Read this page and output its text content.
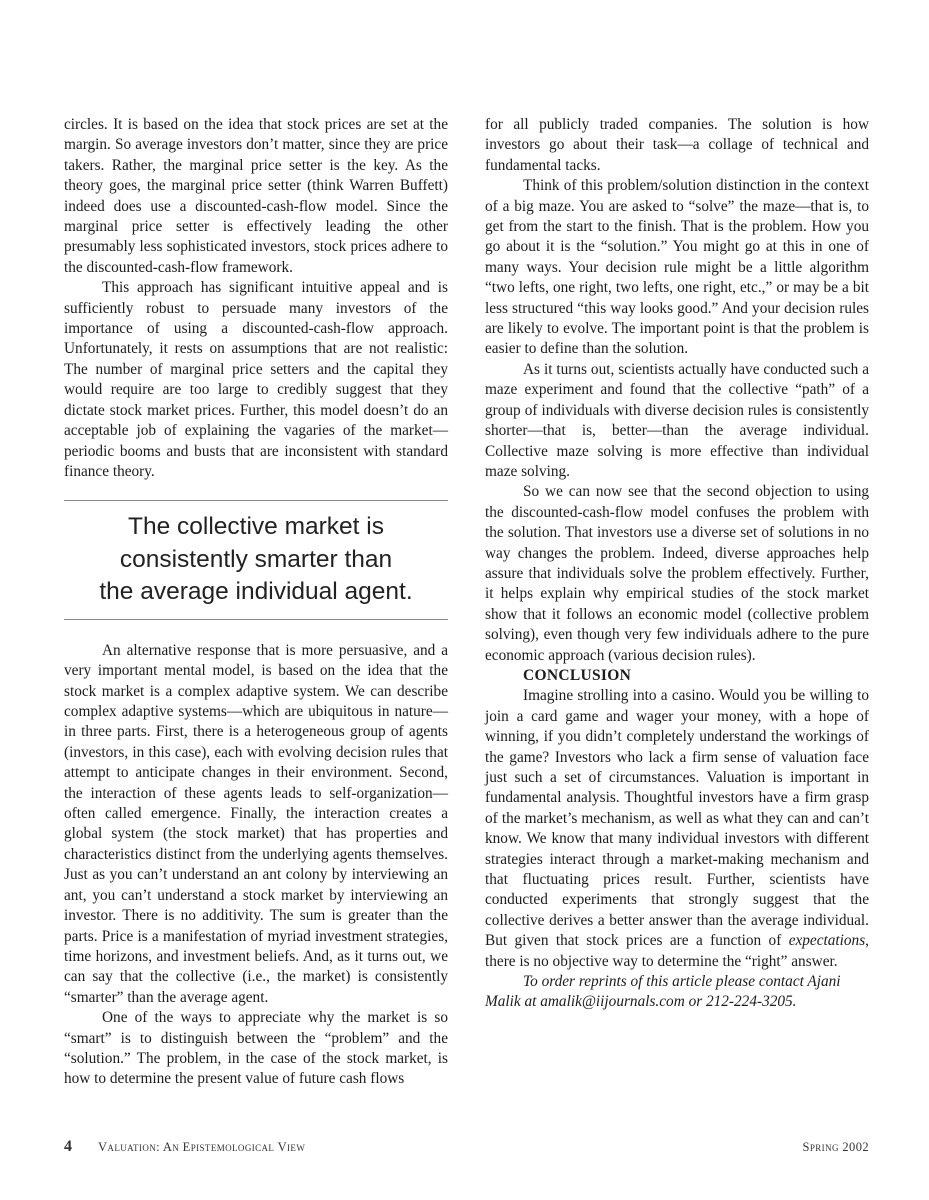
circles. It is based on the idea that stock prices are set at the margin. So average investors don’t matter, since they are price takers. Rather, the marginal price setter is the key. As the theory goes, the marginal price setter (think Warren Buffett) indeed does use a discounted-cash-flow model. Since the marginal price setter is effectively leading the other presumably less sophisticated investors, stock prices adhere to the discounted-cash-flow framework.

This approach has significant intuitive appeal and is sufficiently robust to persuade many investors of the importance of using a discounted-cash-flow approach. Unfortunately, it rests on assumptions that are not realistic: The number of marginal price setters and the capital they would require are too large to credibly suggest that they dictate stock market prices. Further, this model doesn’t do an acceptable job of explaining the vagaries of the market—periodic booms and busts that are inconsistent with standard finance theory.

The collective market is
consistently smarter than
the average individual agent.

An alternative response that is more persuasive, and a very important mental model, is based on the idea that the stock market is a complex adaptive system. We can describe complex adaptive systems—which are ubiquitous in nature—in three parts. First, there is a heterogeneous group of agents (investors, in this case), each with evolving decision rules that attempt to anticipate changes in their environment. Second, the interaction of these agents leads to self-organization—often called emergence. Finally, the interaction creates a global system (the stock market) that has properties and characteristics distinct from the underlying agents themselves. Just as you can’t understand an ant colony by interviewing an ant, you can’t understand a stock market by interviewing an investor. There is no additivity. The sum is greater than the parts. Price is a manifestation of myriad investment strategies, time horizons, and investment beliefs. And, as it turns out, we can say that the collective (i.e., the market) is consistently “smarter” than the average agent.

One of the ways to appreciate why the market is so “smart” is to distinguish between the “problem” and the “solution.” The problem, in the case of the stock market, is how to determine the present value of future cash flows

for all publicly traded companies. The solution is how investors go about their task—a collage of technical and fundamental tacks.

Think of this problem/solution distinction in the context of a big maze. You are asked to “solve” the maze—that is, to get from the start to the finish. That is the problem. How you go about it is the “solution.” You might go at this in one of many ways. Your decision rule might be a little algorithm “two lefts, one right, two lefts, one right, etc.,” or may be a bit less structured “this way looks good.” And your decision rules are likely to evolve. The important point is that the problem is easier to define than the solution.

As it turns out, scientists actually have conducted such a maze experiment and found that the collective “path” of a group of individuals with diverse decision rules is consistently shorter—that is, better—than the average individual. Collective maze solving is more effective than individual maze solving.

So we can now see that the second objection to using the discounted-cash-flow model confuses the problem with the solution. That investors use a diverse set of solutions in no way changes the problem. Indeed, diverse approaches help assure that individuals solve the problem effectively. Further, it helps explain why empirical studies of the stock market show that it follows an economic model (collective problem solving), even though very few individuals adhere to the pure economic approach (various decision rules).

CONCLUSION

Imagine strolling into a casino. Would you be willing to join a card game and wager your money, with a hope of winning, if you didn’t completely understand the workings of the game? Investors who lack a firm sense of valuation face just such a set of circumstances. Valuation is important in fundamental analysis. Thoughtful investors have a firm grasp of the market’s mechanism, as well as what they can and can’t know. We know that many individual investors with different strategies interact through a market-making mechanism and that fluctuating prices result. Further, scientists have conducted experiments that strongly suggest that the collective derives a better answer than the average individual. But given that stock prices are a function of expectations, there is no objective way to determine the “right” answer.

To order reprints of this article please contact Ajani Malik at amalik@iijournals.com or 212-224-3205.

4 Valuation: An Epistemological View	Spring 2002
